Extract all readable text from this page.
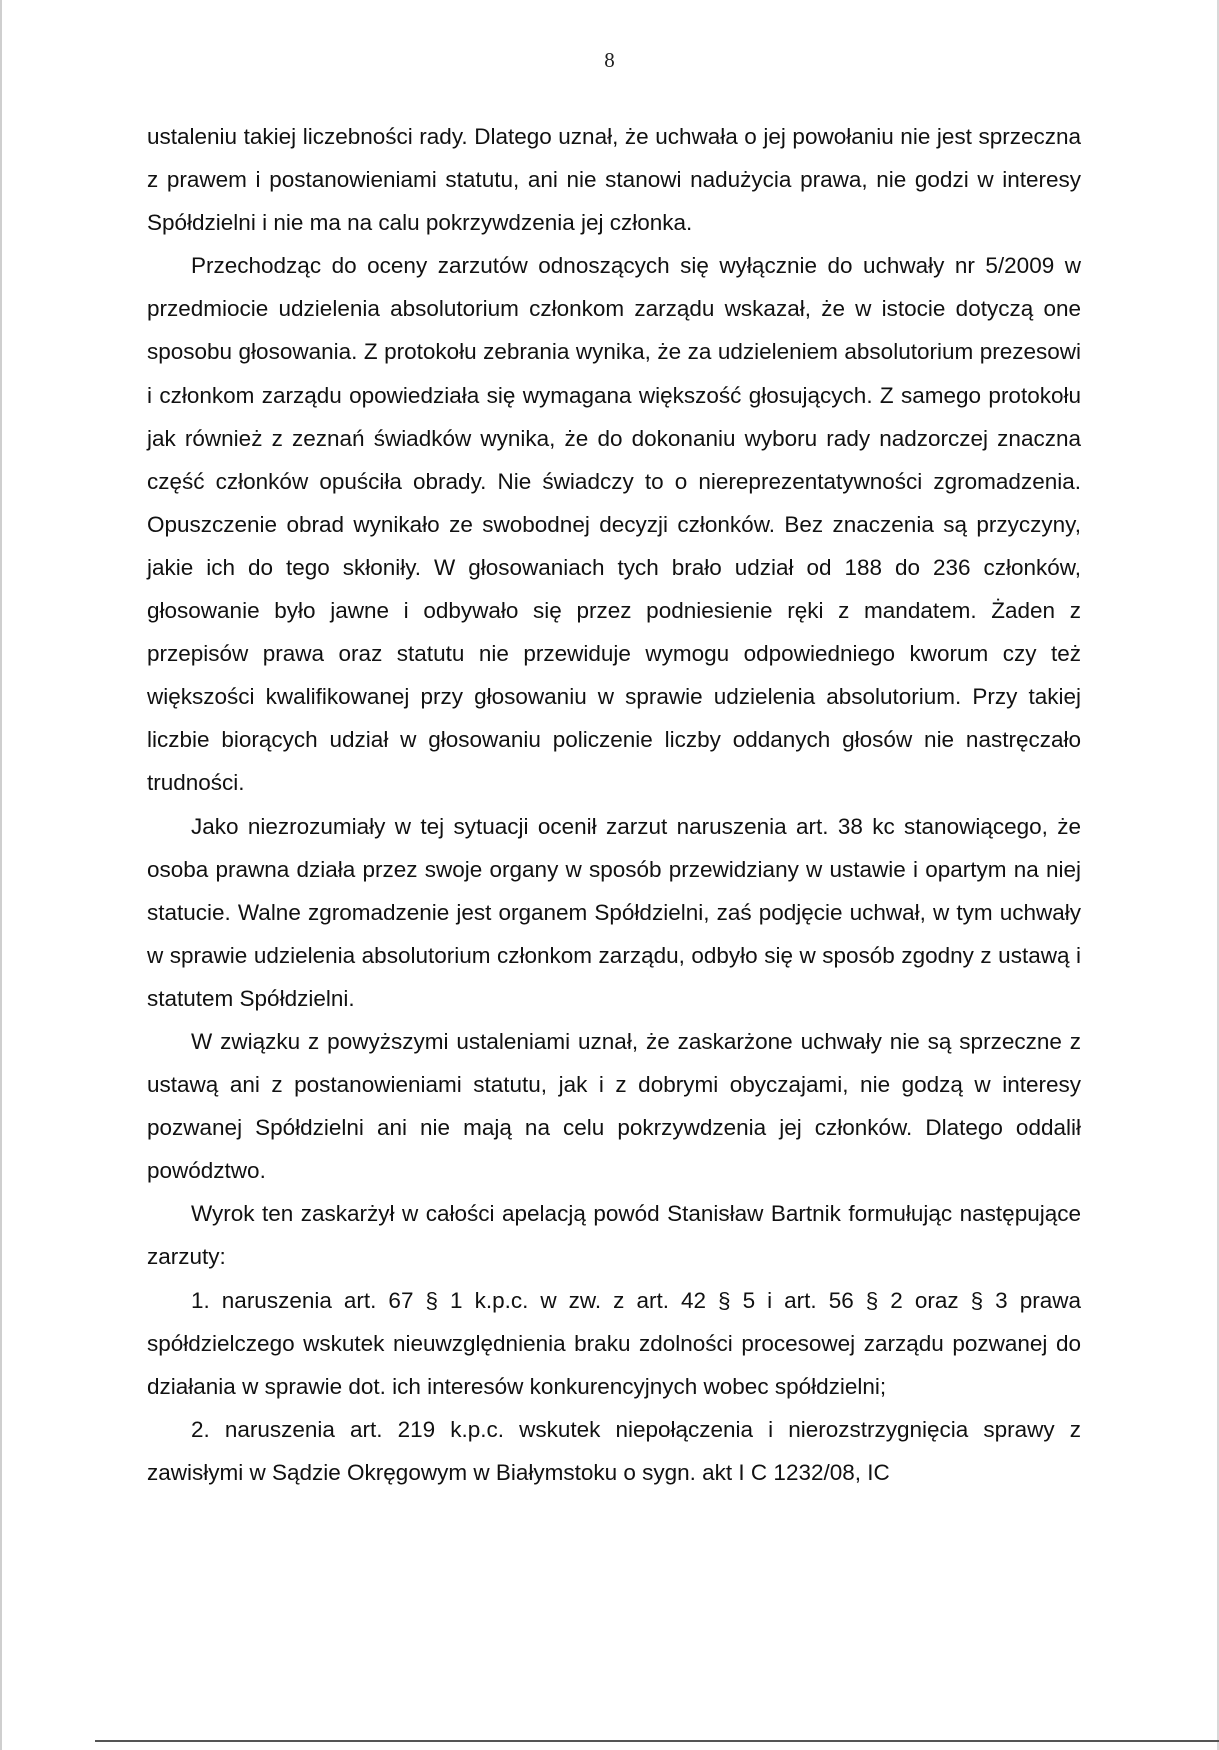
8

ustaleniu takiej liczebności rady. Dlatego uznał, że uchwała o jej powołaniu nie jest sprzeczna z prawem i postanowieniami statutu, ani nie stanowi nadużycia prawa, nie godzi w interesy Spółdzielni i nie ma na calu pokrzywdzenia jej członka.

Przechodząc do oceny zarzutów odnoszących się wyłącznie do uchwały nr 5/2009 w przedmiocie udzielenia absolutorium członkom zarządu wskazał, że w istocie dotyczą one sposobu głosowania. Z protokołu zebrania wynika, że za udzieleniem absolutorium prezesowi i członkom zarządu opowiedziała się wymagana większość głosujących. Z samego protokołu jak również z zeznań świadków wynika, że do dokonaniu wyboru rady nadzorczej znaczna część członków opuściła obrady. Nie świadczy to o niereprezentatywności zgromadzenia. Opuszczenie obrad wynikało ze swobodnej decyzji członków. Bez znaczenia są przyczyny, jakie ich do tego skłoniły. W głosowaniach tych brało udział od 188 do 236 członków, głosowanie było jawne i odbywało się przez podniesienie ręki z mandatem. Żaden z przepisów prawa oraz statutu nie przewiduje wymogu odpowiedniego kworum czy też większości kwalifikowanej przy głosowaniu w sprawie udzielenia absolutorium. Przy takiej liczbie biorących udział w głosowaniu policzenie liczby oddanych głosów nie nastręczało trudności.

Jako niezrozumiały w tej sytuacji ocenił zarzut naruszenia art. 38 kc stanowiącego, że osoba prawna działa przez swoje organy w sposób przewidziany w ustawie i opartym na niej statucie. Walne zgromadzenie jest organem Spółdzielni, zaś podjęcie uchwał, w tym uchwały w sprawie udzielenia absolutorium członkom zarządu, odbyło się w sposób zgodny z ustawą i statutem Spółdzielni.

W związku z powyższymi ustaleniami uznał, że zaskarżone uchwały nie są sprzeczne z ustawą ani z postanowieniami statutu, jak i z dobrymi obyczajami, nie godzą w interesy pozwanej Spółdzielni ani nie mają na celu pokrzywdzenia jej członków. Dlatego oddalił powództwo.

Wyrok ten zaskarżył w całości apelacją powód Stanisław Bartnik formułując następujące zarzuty:

1. naruszenia art. 67 § 1 k.p.c. w zw. z art. 42 § 5 i art. 56 § 2 oraz § 3 prawa spółdzielczego wskutek nieuwzględnienia braku zdolności procesowej zarządu pozwanej do działania w sprawie dot. ich interesów konkurencyjnych wobec spółdzielni;

2. naruszenia art. 219 k.p.c. wskutek niepołączenia i nierozstrzygnięcia sprawy z zawisłymi w Sądzie Okręgowym w Białymstoku o sygn. akt I C 1232/08, IC
